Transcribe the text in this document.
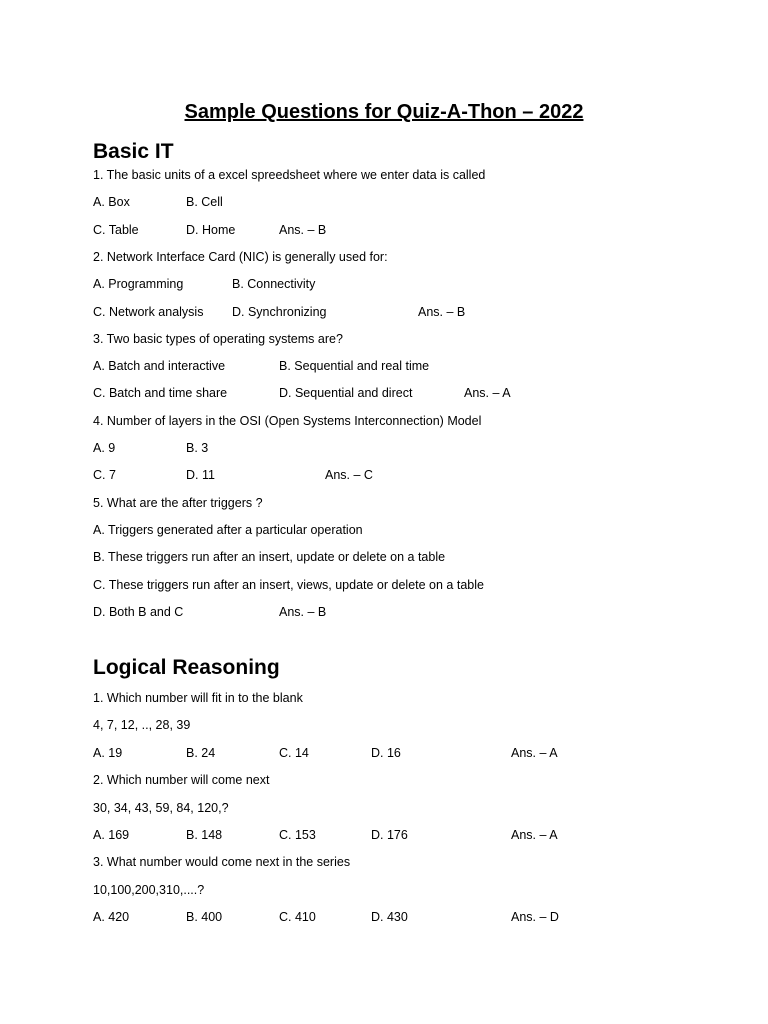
Sample Questions for Quiz-A-Thon – 2022
Basic IT
1. The basic units of a excel spreedsheet where we enter data is called
A. Box	B. Cell
C. Table	D. Home	Ans. – B
2. Network Interface Card (NIC) is generally used for:
A. Programming	B. Connectivity
C. Network analysis D. Synchronizing	Ans. – B
3. Two basic types of operating systems are?
A. Batch and interactive	B. Sequential and real time
C. Batch and time share	D. Sequential and direct	Ans. – A
4. Number of layers in the OSI (Open Systems Interconnection) Model
A. 9	B. 3
C. 7	D. 11	Ans. – C
5. What are the after triggers ?
A. Triggers generated after a particular operation
B. These triggers run after an insert, update or delete on a table
C. These triggers run after an insert, views, update or delete on a table
D. Both B and C	Ans. – B
Logical Reasoning
1. Which number will fit in to the blank
4, 7, 12, .., 28, 39
A. 19	B. 24	C. 14	D. 16	Ans. – A
2. Which number will come next
30, 34, 43, 59, 84, 120,?
A. 169	B. 148	C. 153	D. 176	Ans. – A
3. What number would come next in the series
10,100,200,310,....?
A. 420	B. 400	C. 410	D. 430	Ans. – D
